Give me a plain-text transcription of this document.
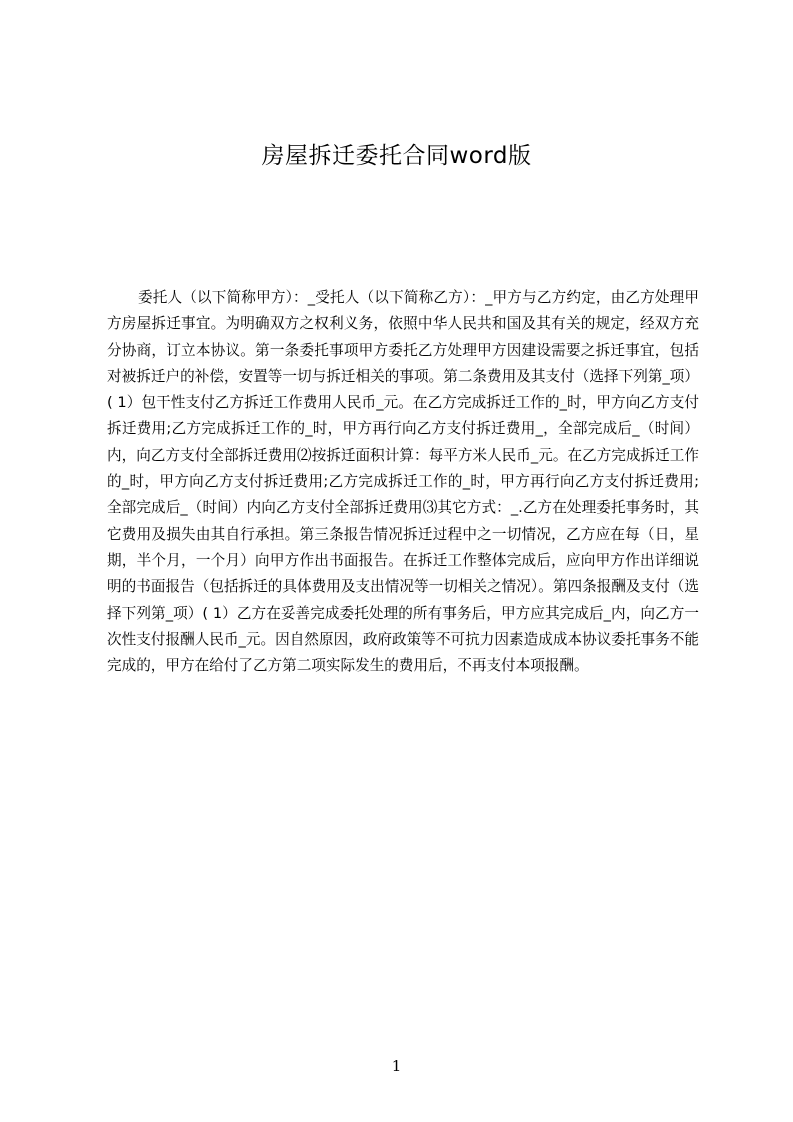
房屋拆迁委托合同word版

委托人（以下简称甲方）：_受托人（以下简称乙方）：_甲方与乙方约定，由乙方处理甲方房屋拆迁事宜。为明确双方之权利义务，依照中华人民共和国及其有关的规定，经双方充分协商，订立本协议。第一条委托事项甲方委托乙方处理甲方因建设需要之拆迁事宜，包括对被拆迁户的补偿，安置等一切与拆迁相关的事项。第二条费用及其支付（选择下列第_项）( 1）包干性支付乙方拆迁工作费用人民币_元。在乙方完成拆迁工作的_时，甲方向乙方支付拆迁费用;乙方完成拆迁工作的_时，甲方再行向乙方支付拆迁费用_，全部完成后_（时间）内，向乙方支付全部拆迁费用⑵按拆迁面积计算：每平方米人民币_元。在乙方完成拆迁工作的_时，甲方向乙方支付拆迁费用;乙方完成拆迁工作的_时，甲方再行向乙方支付拆迁费用;全部完成后_（时间）内向乙方支付全部拆迁费用⑶其它方式：_.乙方在处理委托事务时，其它费用及损失由其自行承担。第三条报告情况拆迁过程中之一切情况，乙方应在每（日，星期，半个月，一个月）向甲方作出书面报告。在拆迁工作整体完成后，应向甲方作出详细说明的书面报告（包括拆迁的具体费用及支出情况等一切相关之情况）。第四条报酬及支付（选择下列第_项）( 1）乙方在妥善完成委托处理的所有事务后，甲方应其完成后_内，向乙方一次性支付报酬人民币_元。因自然原因，政府政策等不可抗力因素造成成本协议委托事务不能完成的，甲方在给付了乙方第二项实际发生的费用后，不再支付本项报酬。

1
